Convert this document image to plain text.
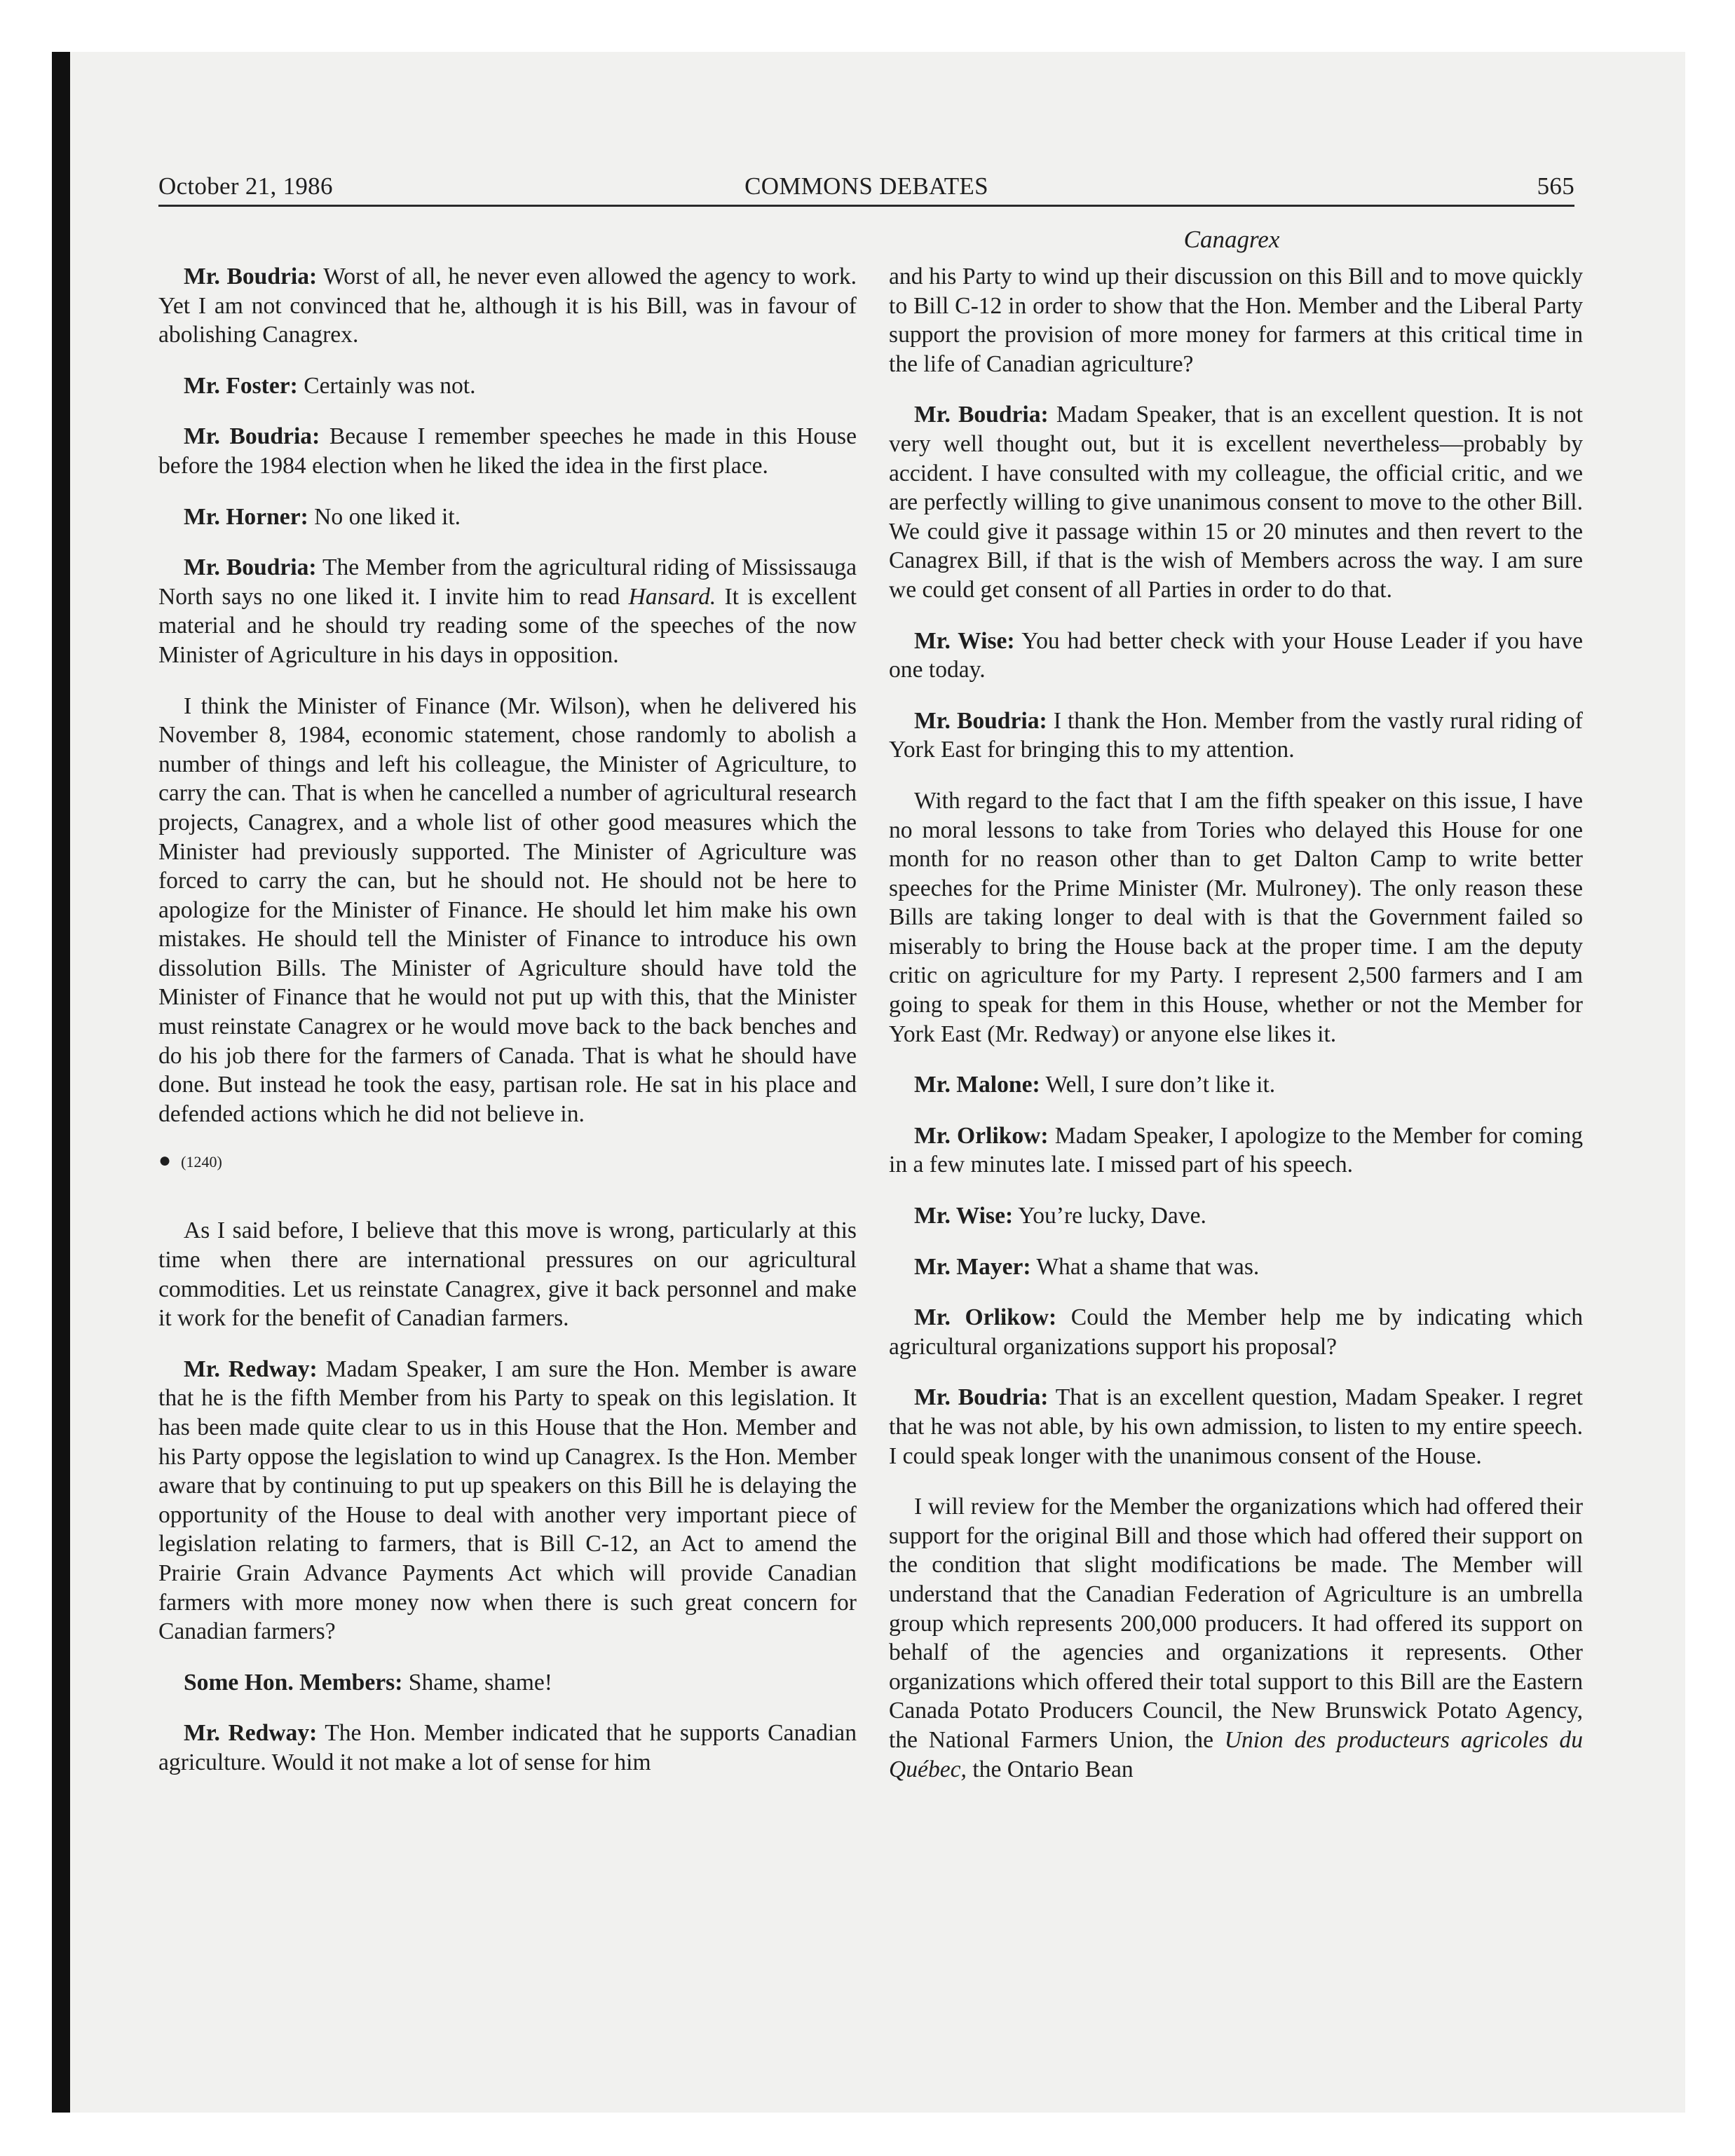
October 21, 1986	COMMONS DEBATES	565
Canagrex

Mr. Boudria: Worst of all, he never even allowed the agency to work. Yet I am not convinced that he, although it is his Bill, was in favour of abolishing Canagrex.

Mr. Foster: Certainly was not.

Mr. Boudria: Because I remember speeches he made in this House before the 1984 election when he liked the idea in the first place.

Mr. Horner: No one liked it.

Mr. Boudria: The Member from the agricultural riding of Mississauga North says no one liked it. I invite him to read Hansard. It is excellent material and he should try reading some of the speeches of the now Minister of Agriculture in his days in opposition.

I think the Minister of Finance (Mr. Wilson), when he delivered his November 8, 1984, economic statement, chose randomly to abolish a number of things and left his colleague, the Minister of Agriculture, to carry the can. That is when he cancelled a number of agricultural research projects, Canagrex, and a whole list of other good measures which the Minister had previously supported. The Minister of Agriculture was forced to carry the can, but he should not. He should not be here to apologize for the Minister of Finance. He should let him make his own mistakes. He should tell the Minister of Finance to introduce his own dissolution Bills. The Minister of Agriculture should have told the Minister of Finance that he would not put up with this, that the Minister must reinstate Canagrex or he would move back to the back benches and do his job there for the farmers of Canada. That is what he should have done. But instead he took the easy, partisan role. He sat in his place and defended actions which he did not believe in.

● (1240)

As I said before, I believe that this move is wrong, particularly at this time when there are international pressures on our agricultural commodities. Let us reinstate Canagrex, give it back personnel and make it work for the benefit of Canadian farmers.

Mr. Redway: Madam Speaker, I am sure the Hon. Member is aware that he is the fifth Member from his Party to speak on this legislation. It has been made quite clear to us in this House that the Hon. Member and his Party oppose the legislation to wind up Canagrex. Is the Hon. Member aware that by continuing to put up speakers on this Bill he is delaying the opportunity of the House to deal with another very important piece of legislation relating to farmers, that is Bill C-12, an Act to amend the Prairie Grain Advance Payments Act which will provide Canadian farmers with more money now when there is such great concern for Canadian farmers?

Some Hon. Members: Shame, shame!

Mr. Redway: The Hon. Member indicated that he supports Canadian agriculture. Would it not make a lot of sense for him

and his Party to wind up their discussion on this Bill and to move quickly to Bill C-12 in order to show that the Hon. Member and the Liberal Party support the provision of more money for farmers at this critical time in the life of Canadian agriculture?

Mr. Boudria: Madam Speaker, that is an excellent question. It is not very well thought out, but it is excellent nevertheless—probably by accident. I have consulted with my colleague, the official critic, and we are perfectly willing to give unanimous consent to move to the other Bill. We could give it passage within 15 or 20 minutes and then revert to the Canagrex Bill, if that is the wish of Members across the way. I am sure we could get consent of all Parties in order to do that.

Mr. Wise: You had better check with your House Leader if you have one today.

Mr. Boudria: I thank the Hon. Member from the vastly rural riding of York East for bringing this to my attention.

With regard to the fact that I am the fifth speaker on this issue, I have no moral lessons to take from Tories who delayed this House for one month for no reason other than to get Dalton Camp to write better speeches for the Prime Minister (Mr. Mulroney). The only reason these Bills are taking longer to deal with is that the Government failed so miserably to bring the House back at the proper time. I am the deputy critic on agriculture for my Party. I represent 2,500 farmers and I am going to speak for them in this House, whether or not the Member for York East (Mr. Redway) or anyone else likes it.

Mr. Malone: Well, I sure don’t like it.

Mr. Orlikow: Madam Speaker, I apologize to the Member for coming in a few minutes late. I missed part of his speech.

Mr. Wise: You’re lucky, Dave.

Mr. Mayer: What a shame that was.

Mr. Orlikow: Could the Member help me by indicating which agricultural organizations support his proposal?

Mr. Boudria: That is an excellent question, Madam Speaker. I regret that he was not able, by his own admission, to listen to my entire speech. I could speak longer with the unanimous consent of the House.

I will review for the Member the organizations which had offered their support for the original Bill and those which had offered their support on the condition that slight modifications be made. The Member will understand that the Canadian Federation of Agriculture is an umbrella group which represents 200,000 producers. It had offered its support on behalf of the agencies and organizations it represents. Other organizations which offered their total support to this Bill are the Eastern Canada Potato Producers Council, the New Brunswick Potato Agency, the National Farmers Union, the Union des producteurs agricoles du Québec, the Ontario Bean
